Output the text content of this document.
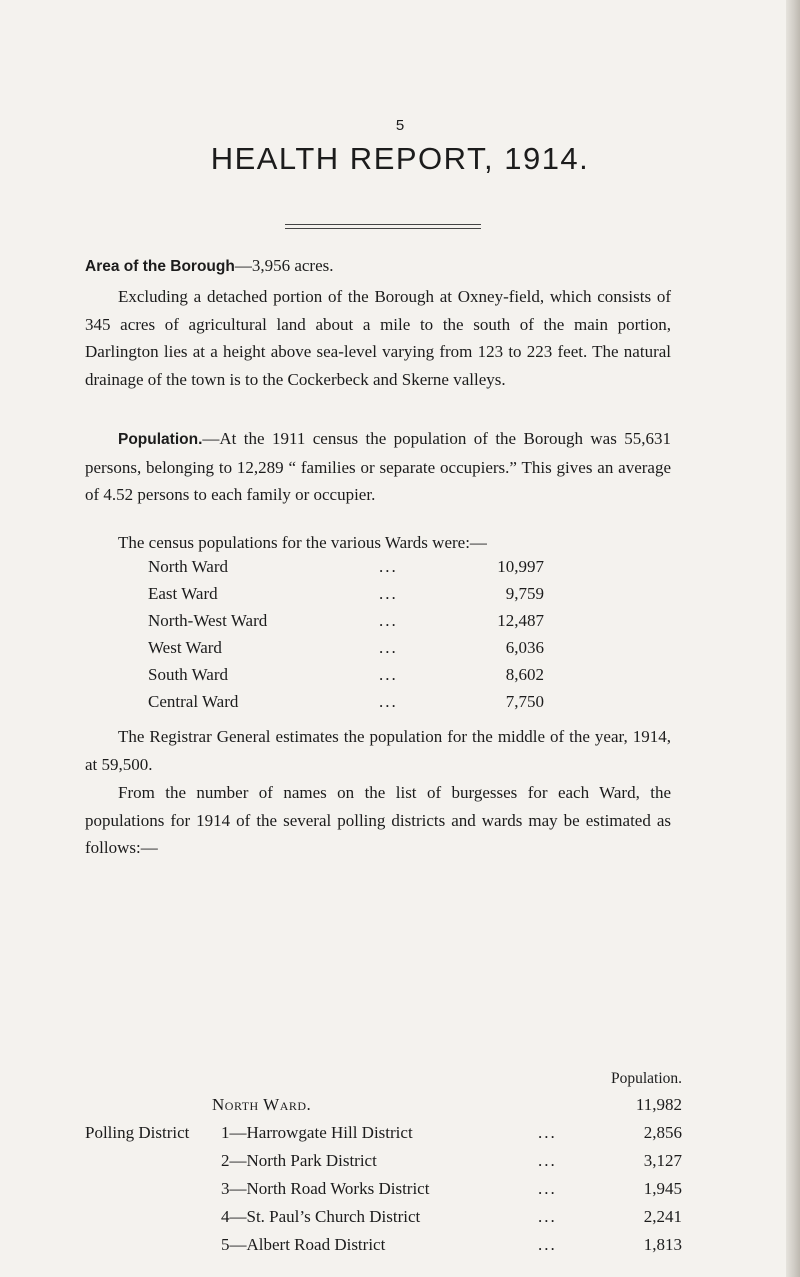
5
HEALTH REPORT, 1914.
Area of the Borough—3,956 acres.
Excluding a detached portion of the Borough at Oxney-field, which consists of 345 acres of agricultural land about a mile to the south of the main portion, Darlington lies at a height above sea-level varying from 123 to 223 feet. The natural drainage of the town is to the Cockerbeck and Skerne valleys.
Population.—At the 1911 census the population of the Borough was 55,631 persons, belonging to 12,289 “ families or separate occupiers.” This gives an average of 4.52 persons to each family or occupier.
The census populations for the various Wards were:—
North Ward	...	10,997
East Ward	...	9,759
North-West Ward	...	12,487
West Ward	...	6,036
South Ward	...	8,602
Central Ward	...	7,750
The Registrar General estimates the population for the middle of the year, 1914, at 59,500.
From the number of names on the list of burgesses for each Ward, the populations for 1914 of the several polling districts and wards may be estimated as follows:—
Population.
North Ward.	11,982
Polling District 1—Harrowgate Hill District	...	2,856
2—North Park District	...	3,127
3—North Road Works District	...	1,945
4—St. Paul’s Church District	...	2,241
5—Albert Road District	...	1,813
